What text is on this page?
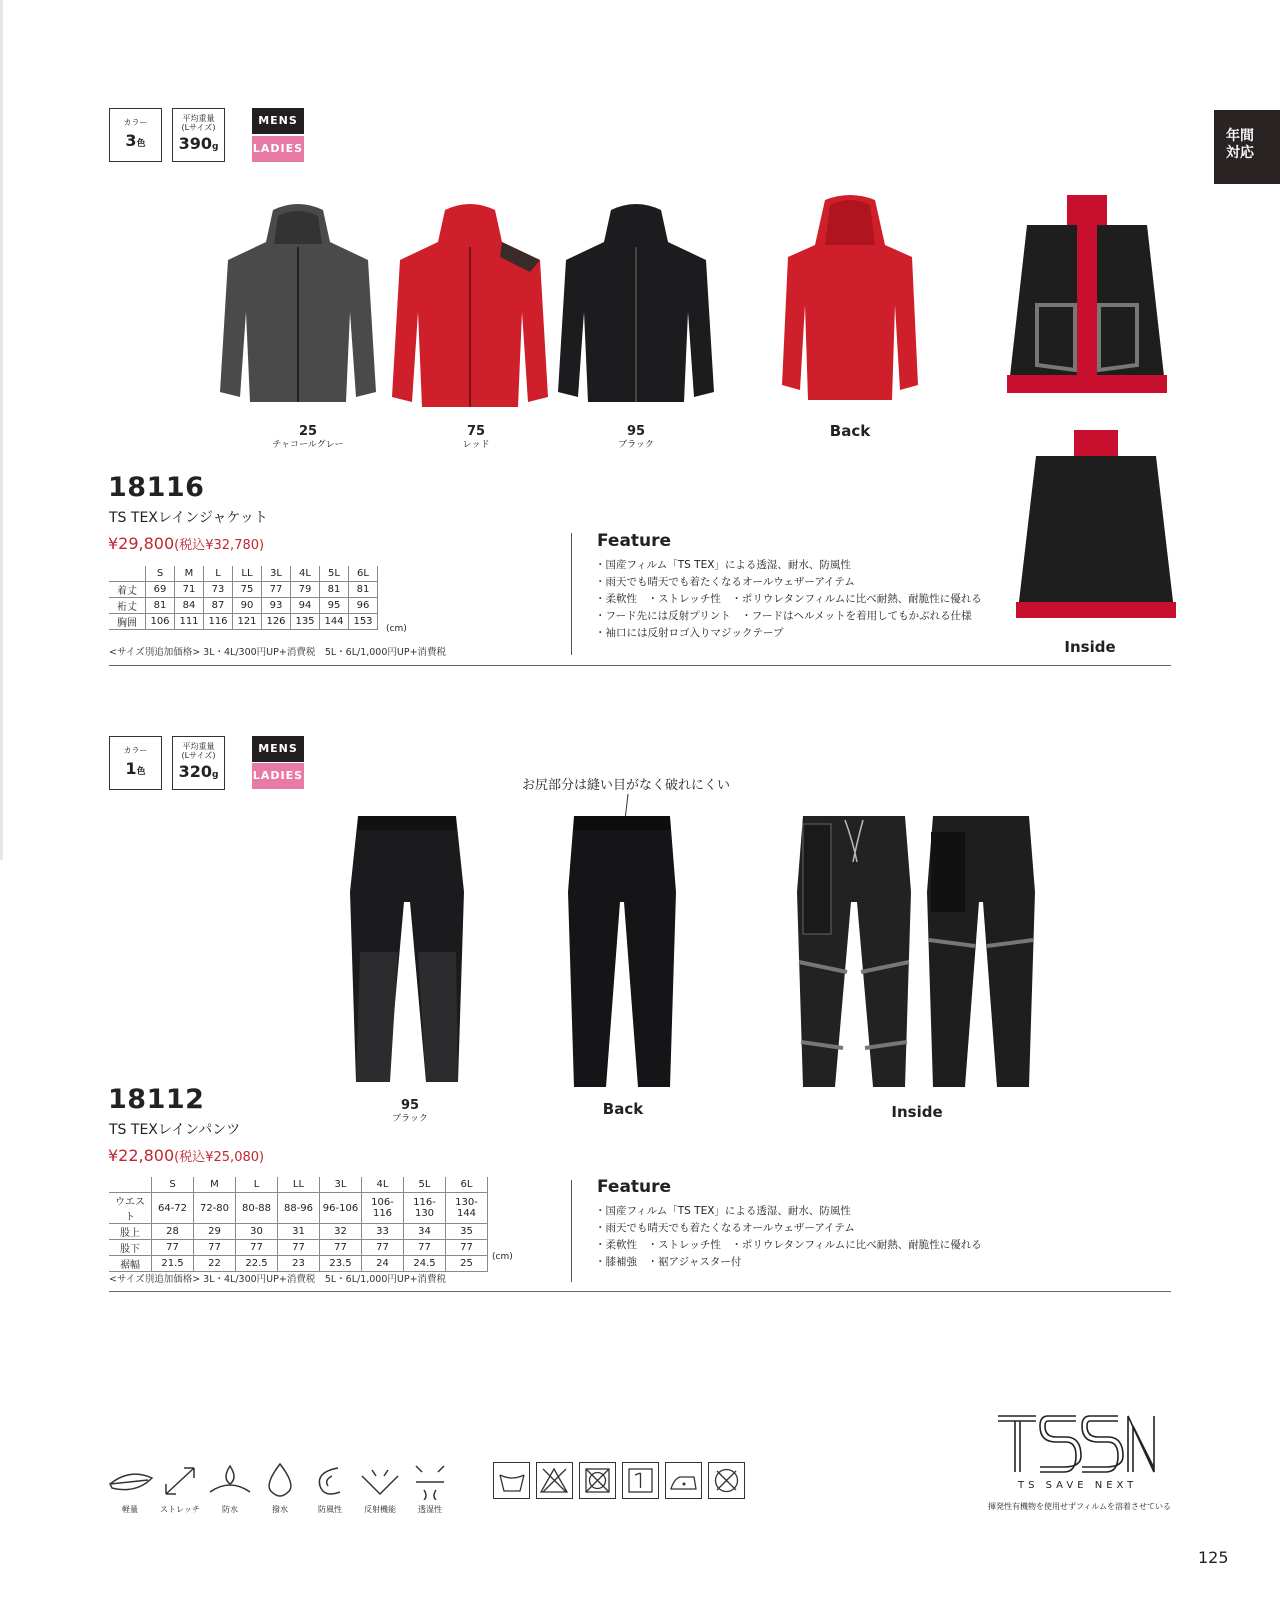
年間
対応
カラー
3色
平均重量
(Lサイズ)
390g
MENS
LADIES
25
チャコールグレー
75
レッド
95
ブラック
Back
Inside
18116
TS TEXレインジャケット
¥29,800(税込¥32,780)
	S	M	L	LL	3L	4L	5L	6L
着丈	69	71	73	75	77	79	81	81
裄丈	81	84	87	90	93	94	95	96
胸囲	106	111	116	121	126	135	144	153
(cm)
<サイズ別追加価格> 3L・4L/300円UP+消費税　5L・6L/1,000円UP+消費税
Feature
・国産フィルム「TS TEX」による透湿、耐水、防風性
・雨天でも晴天でも着たくなるオールウェザーアイテム
・柔軟性　・ストレッチ性　・ポリウレタンフィルムに比べ耐熱、耐脆性に優れる
・フード先には反射プリント　・フードはヘルメットを着用してもかぶれる仕様
・袖口には反射ロゴ入りマジックテープ
カラー
1色
平均重量
(Lサイズ)
320g
MENS
LADIES
お尻部分は縫い目がなく破れにくい
95
ブラック
Back	Inside
18112
TS TEXレインパンツ
¥22,800(税込¥25,080)
	S	M	L	LL	3L	4L	5L	6L
ウエスト	64-72	72-80	80-88	88-96	96-106	106-116	116-130	130-144
股上	28	29	30	31	32	33	34	35
股下	77	77	77	77	77	77	77	77
裾幅	21.5	22	22.5	23	23.5	24	24.5	25
(cm)
<サイズ別追加価格> 3L・4L/300円UP+消費税　5L・6L/1,000円UP+消費税
Feature
・国産フィルム「TS TEX」による透湿、耐水、防風性
・雨天でも晴天でも着たくなるオールウェザーアイテム
・柔軟性　・ストレッチ性　・ポリウレタンフィルムに比べ耐熱、耐脆性に優れる
・膝補強　・裾アジャスター付
軽量	ストレッチ	防水	撥水	防風性	反射機能	透湿性
TS SAVE NEXT
揮発性有機物を使用せずフィルムを溶着させている
125
